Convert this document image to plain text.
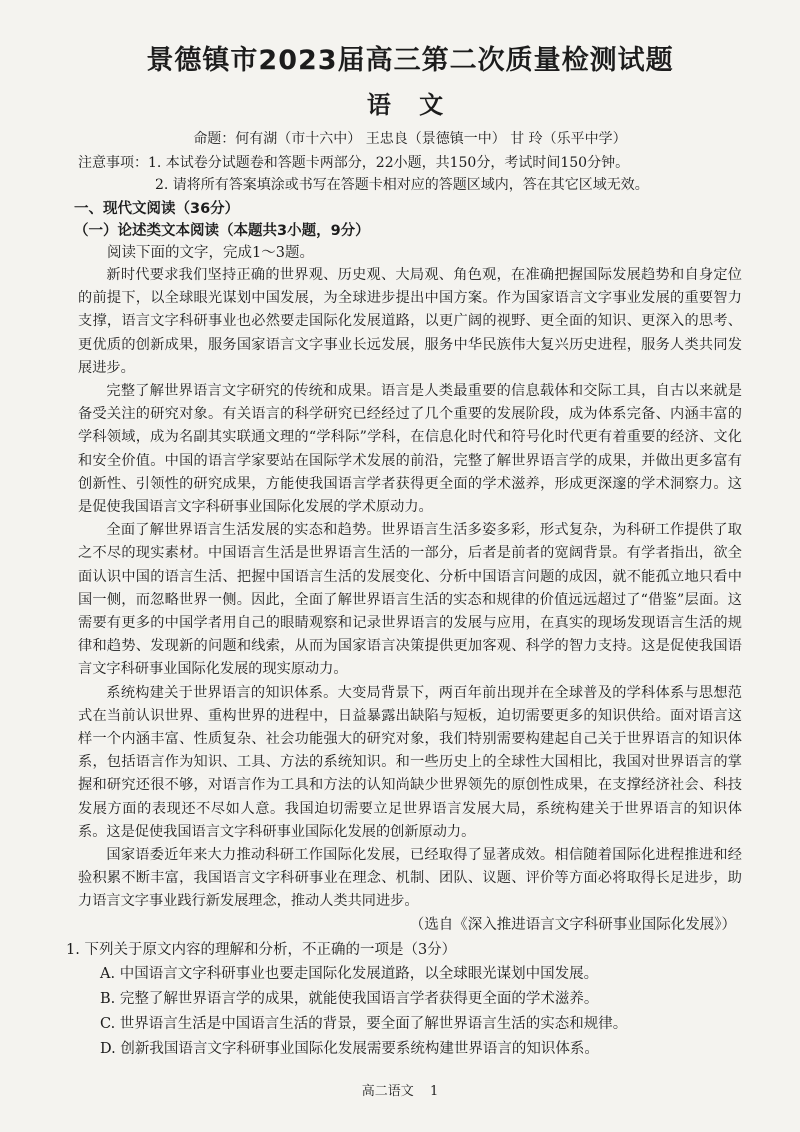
景德镇市2023届高三第二次质量检测试题
语 文
命题：何有湖（市十六中） 王忠良（景德镇一中） 甘 玲（乐平中学）
注意事项： 1. 本试卷分试题卷和答题卡两部分，22小题，共150分，考试时间150分钟。
2. 请将所有答案填涂或书写在答题卡相对应的答题区域内，答在其它区域无效。
一、现代文阅读（36分）
（一）论述类文本阅读（本题共3小题，9分）
阅读下面的文字，完成1～3题。

新时代要求我们坚持正确的世界观、历史观、大局观、角色观，在准确把握国际发展趋势和自身定位的前提下，以全球眼光谋划中国发展，为全球进步提出中国方案。作为国家语言文字事业发展的重要智力支撑，语言文字科研事业也必然要走国际化发展道路，以更广阔的视野、更全面的知识、更深入的思考、更优质的创新成果，服务国家语言文字事业长远发展，服务中华民族伟大复兴历史进程，服务人类共同发展进步。

完整了解世界语言文字研究的传统和成果。语言是人类最重要的信息载体和交际工具，自古以来就是备受关注的研究对象。有关语言的科学研究已经经过了几个重要的发展阶段，成为体系完备、内涵丰富的学科领域，成为名副其实联通文理的“学科际”学科，在信息化时代和符号化时代更有着重要的经济、文化和安全价值。中国的语言学家要站在国际学术发展的前沿，完整了解世界语言学的成果，并做出更多富有创新性、引领性的研究成果，方能使我国语言学者获得更全面的学术滋养，形成更深邃的学术洞察力。这是促使我国语言文字科研事业国际化发展的学术原动力。

全面了解世界语言生活发展的实态和趋势。世界语言生活多姿多彩，形式复杂，为科研工作提供了取之不尽的现实素材。中国语言生活是世界语言生活的一部分，后者是前者的宽阔背景。有学者指出，欲全面认识中国的语言生活、把握中国语言生活的发展变化、分析中国语言问题的成因，就不能孤立地只看中国一侧，而忽略世界一侧。因此，全面了解世界语言生活的实态和规律的价值远远超过了“借鉴”层面。这需要有更多的中国学者用自己的眼睛观察和记录世界语言的发展与应用，在真实的现场发现语言生活的规律和趋势、发现新的问题和线索，从而为国家语言决策提供更加客观、科学的智力支持。这是促使我国语言文字科研事业国际化发展的现实原动力。

系统构建关于世界语言的知识体系。大变局背景下，两百年前出现并在全球普及的学科体系与思想范式在当前认识世界、重构世界的进程中，日益暴露出缺陷与短板，迫切需要更多的知识供给。面对语言这样一个内涵丰富、性质复杂、社会功能强大的研究对象，我们特别需要构建起自己关于世界语言的知识体系，包括语言作为知识、工具、方法的系统知识。和一些历史上的全球性大国相比，我国对世界语言的掌握和研究还很不够，对语言作为工具和方法的认知尚缺少世界领先的原创性成果，在支撑经济社会、科技发展方面的表现还不尽如人意。我国迫切需要立足世界语言发展大局，系统构建关于世界语言的知识体系。这是促使我国语言文字科研事业国际化发展的创新原动力。

国家语委近年来大力推动科研工作国际化发展，已经取得了显著成效。相信随着国际化进程推进和经验积累不断丰富，我国语言文字科研事业在理念、机制、团队、议题、评价等方面必将取得长足进步，助力语言文字事业践行新发展理念，推动人类共同进步。

（选自《深入推进语言文字科研事业国际化发展》）
1. 下列关于原文内容的理解和分析，不正确的一项是（3分）
A. 中国语言文字科研事业也要走国际化发展道路，以全球眼光谋划中国发展。
B. 完整了解世界语言学的成果，就能使我国语言学者获得更全面的学术滋养。
C. 世界语言生活是中国语言生活的背景，要全面了解世界语言生活的实态和规律。
D. 创新我国语言文字科研事业国际化发展需要系统构建世界语言的知识体系。
高二语文 1
